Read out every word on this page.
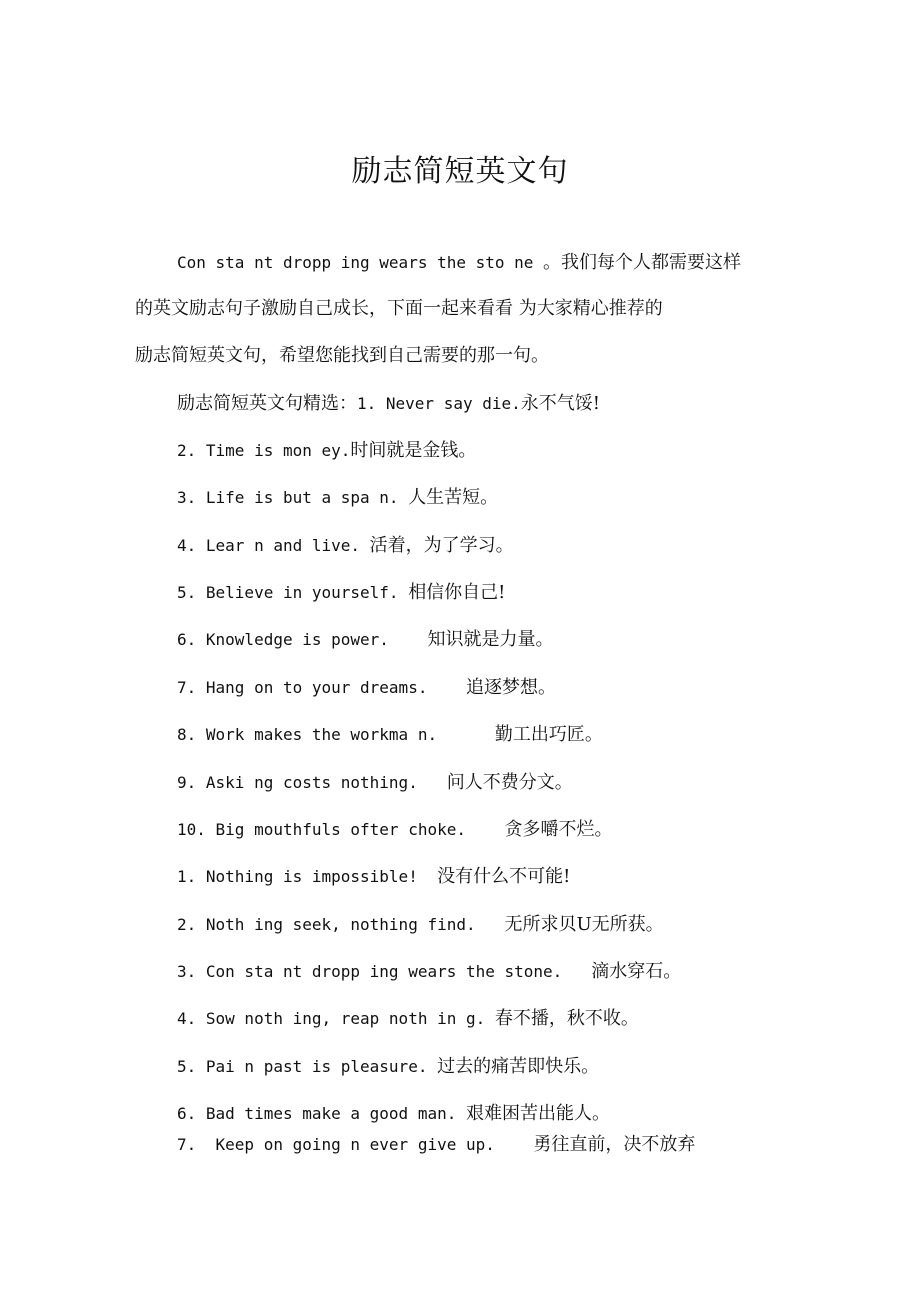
励志简短英文句
Con sta nt dropp ing wears the sto ne 。我们每个人都需要这样
的英文励志句子激励自己成长，下面一起来看看 为大家精心推荐的
励志简短英文句，希望您能找到自己需要的那一句。
励志简短英文句精选：1. Never say die.永不气馁!
2. Time is mon ey.时间就是金钱。
3. Life is but a spa n. 人生苦短。
4. Lear n and live. 活着，为了学习。
5. Believe in yourself. 相信你自己!
6. Knowledge is power.    知识就是力量。
7. Hang on to your dreams.    追逐梦想。
8. Work makes the workma n.      勤工出巧匠。
9. Aski ng costs nothing.   问人不费分文。
10. Big mouthfuls ofter choke.    贪多嚼不烂。
1. Nothing is impossible!  没有什么不可能!
2. Noth ing seek, nothing find.   无所求贝U无所获。
3. Con sta nt dropp ing wears the stone.   滴水穿石。
4. Sow noth ing, reap noth in g. 春不播，秋不收。
5. Pai n past is pleasure. 过去的痛苦即快乐。
6. Bad times make a good man. 艰难困苦出能人。
7.  Keep on going n ever give up.    勇往直前，决不放弃
